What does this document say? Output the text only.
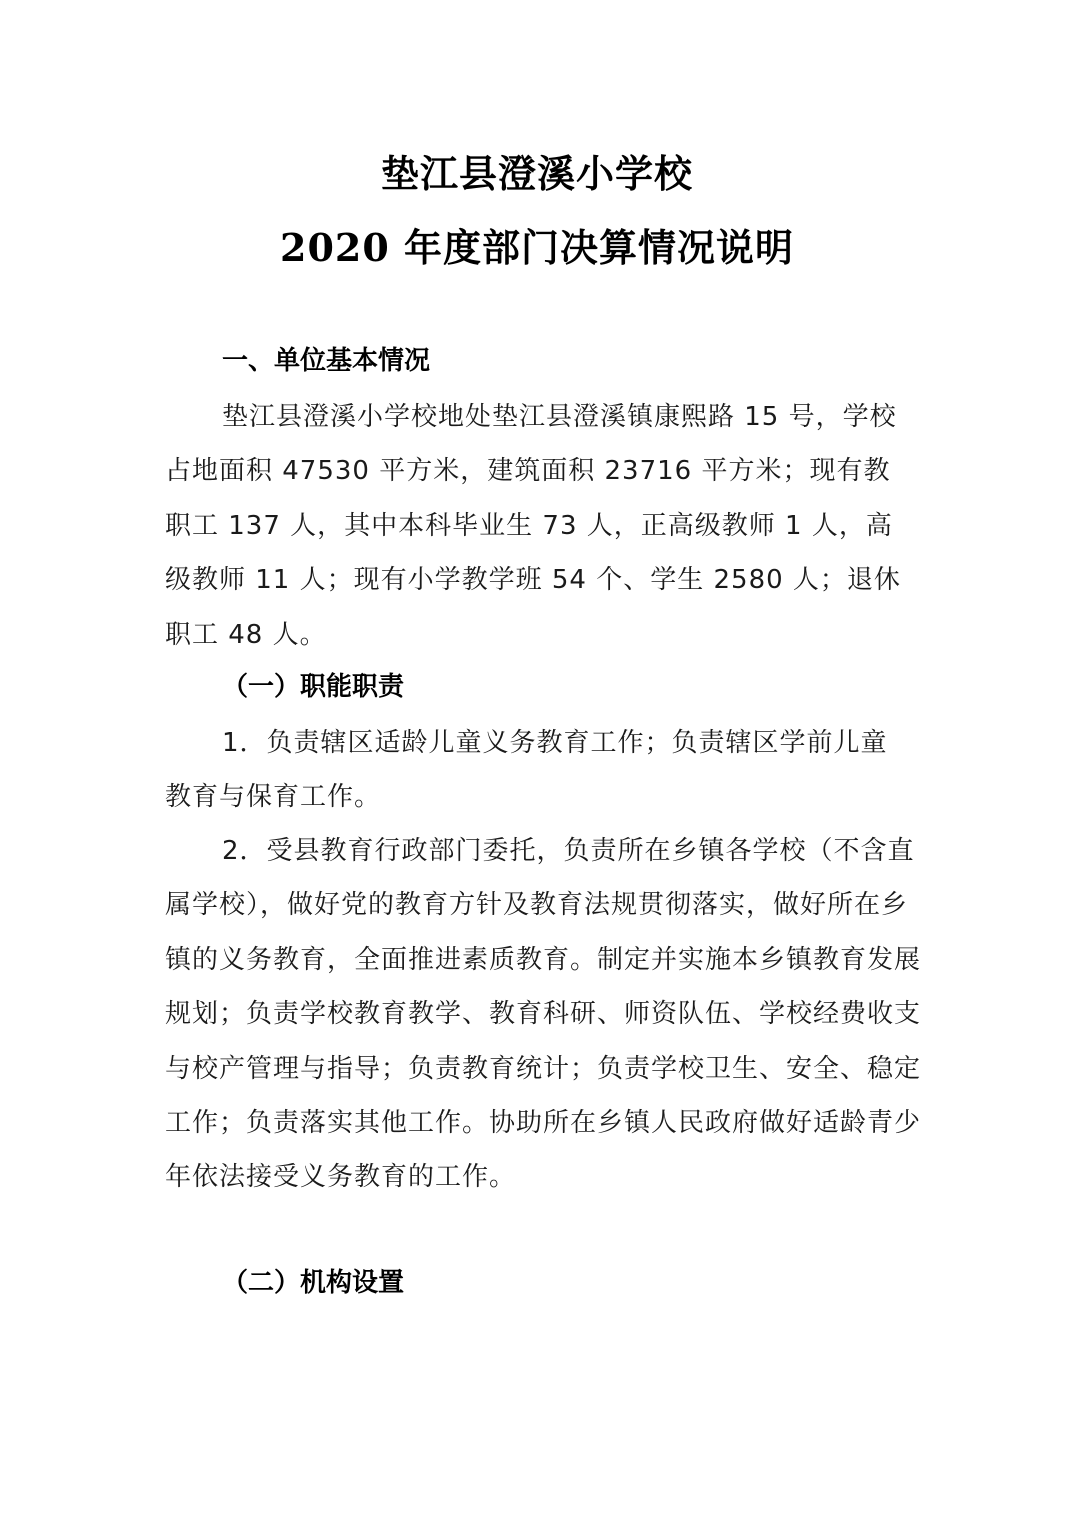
垫江县澄溪小学校
2020 年度部门决算情况说明
一、单位基本情况
垫江县澄溪小学校地处垫江县澄溪镇康熙路 15 号，学校占地面积 47530 平方米，建筑面积 23716 平方米；现有教职工 137 人，其中本科毕业生 73 人，正高级教师 1 人，高级教师 11 人；现有小学教学班 54 个、学生 2580 人；退休职工 48 人。
（一）职能职责
1．负责辖区适龄儿童义务教育工作；负责辖区学前儿童教育与保育工作。
2．受县教育行政部门委托，负责所在乡镇各学校（不含直属学校），做好党的教育方针及教育法规贯彻落实，做好所在乡镇的义务教育，全面推进素质教育。制定并实施本乡镇教育发展规划；负责学校教育教学、教育科研、师资队伍、学校经费收支与校产管理与指导；负责教育统计；负责学校卫生、安全、稳定工作；负责落实其他工作。协助所在乡镇人民政府做好适龄青少年依法接受义务教育的工作。
（二）机构设置
